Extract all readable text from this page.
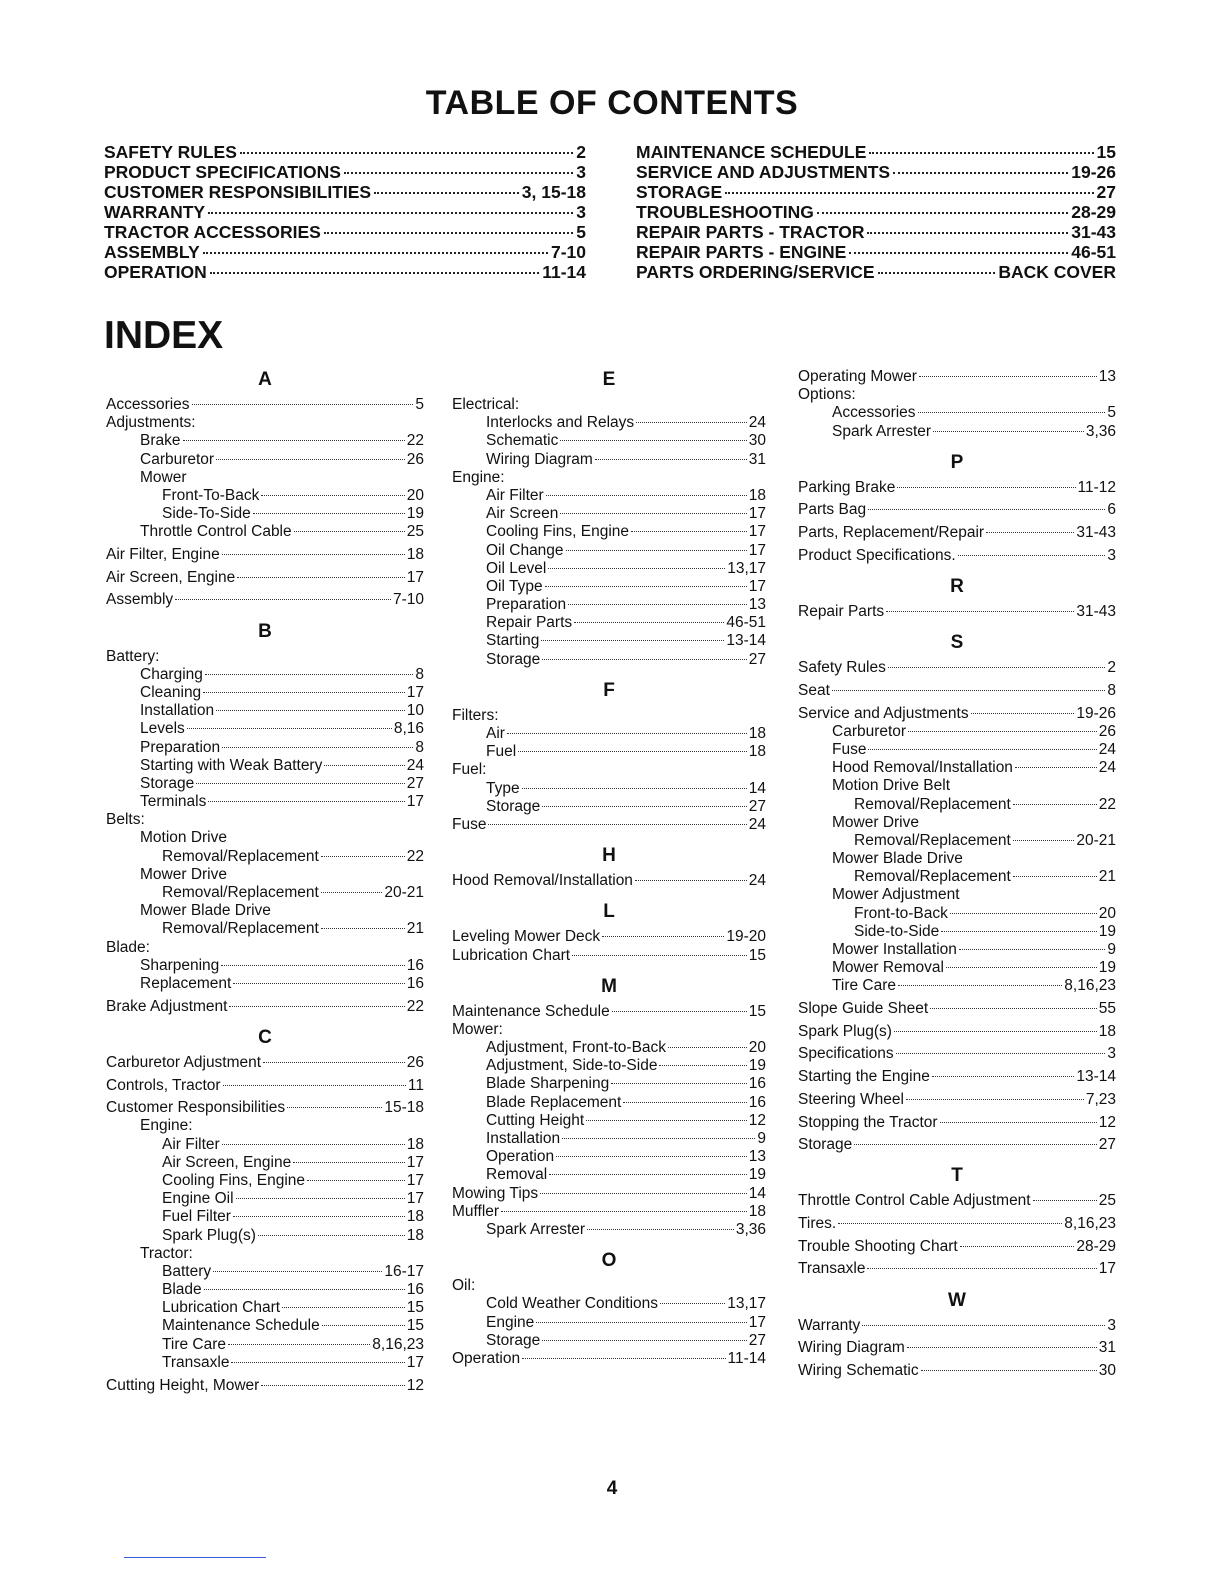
TABLE OF CONTENTS
SAFETY RULES	2
PRODUCT SPECIFICATIONS	3
CUSTOMER RESPONSIBILITIES	3, 15-18
WARRANTY	3
TRACTOR ACCESSORIES	5
ASSEMBLY	7-10
OPERATION	11-14
MAINTENANCE SCHEDULE	15
SERVICE AND ADJUSTMENTS	19-26
STORAGE	27
TROUBLESHOOTING	28-29
REPAIR PARTS - TRACTOR	31-43
REPAIR PARTS - ENGINE	46-51
PARTS ORDERING/SERVICE	BACK COVER
INDEX
A
Accessories	5
Adjustments:
Brake	22
Carburetor	26
Mower
Front-To-Back	20
Side-To-Side	19
Throttle Control Cable	25
Air Filter, Engine	18
Air Screen, Engine	17
Assembly	7-10
B
Battery:
Charging	8
Cleaning	17
Installation	10
Levels	8,16
Preparation	8
Starting with Weak Battery	24
Storage	27
Terminals	17
Belts:
Motion Drive
Removal/Replacement	22
Mower Drive
Removal/Replacement	20-21
Mower Blade Drive
Removal/Replacement	21
Blade:
Sharpening	16
Replacement	16
Brake Adjustment	22
C
Carburetor Adjustment	26
Controls, Tractor	11
Customer Responsibilities	15-18
Engine:
Air Filter	18
Air Screen, Engine	17
Cooling Fins, Engine	17
Engine Oil	17
Fuel Filter	18
Spark Plug(s)	18
Tractor:
Battery	16-17
Blade	16
Lubrication Chart	15
Maintenance Schedule	15
Tire Care	8,16,23
Transaxle	17
Cutting Height, Mower	12
E
Electrical:
Interlocks and Relays	24
Schematic	30
Wiring Diagram	31
Engine:
Air Filter	18
Air Screen	17
Cooling Fins, Engine	17
Oil Change	17
Oil Level	13,17
Oil Type	17
Preparation	13
Repair Parts	46-51
Starting	13-14
Storage	27
F
Filters:
Air	18
Fuel	18
Fuel:
Type	14
Storage	27
Fuse	24
H
Hood Removal/Installation	24
L
Leveling Mower Deck	19-20
Lubrication Chart	15
M
Maintenance Schedule	15
Mower:
Adjustment, Front-to-Back	20
Adjustment, Side-to-Side	19
Blade Sharpening	16
Blade Replacement	16
Cutting Height	12
Installation	9
Operation	13
Removal	19
Mowing Tips	14
Muffler	18
Spark Arrester	3,36
O
Oil:
Cold Weather Conditions	13,17
Engine	17
Storage	27
Operation	11-14
Operating Mower	13
Options:
Accessories	5
Spark Arrester	3,36
P
Parking Brake	11-12
Parts Bag	6
Parts, Replacement/Repair	31-43
Product Specifications.	3
R
Repair Parts	31-43
S
Safety Rules	2
Seat	8
Service and Adjustments	19-26
Carburetor	26
Fuse	24
Hood Removal/Installation	24
Motion Drive Belt
Removal/Replacement	22
Mower Drive
Removal/Replacement	20-21
Mower Blade Drive
Removal/Replacement	21
Mower Adjustment
Front-to-Back	20
Side-to-Side	19
Mower Installation	9
Mower Removal	19
Tire Care	8,16,23
Slope Guide Sheet	55
Spark Plug(s)	18
Specifications	3
Starting the Engine	13-14
Steering Wheel	7,23
Stopping the Tractor	12
Storage	27
T
Throttle Control Cable Adjustment	25
Tires.	8,16,23
Trouble Shooting Chart	28-29
Transaxle	17
W
Warranty	3
Wiring Diagram	31
Wiring Schematic	30
4
